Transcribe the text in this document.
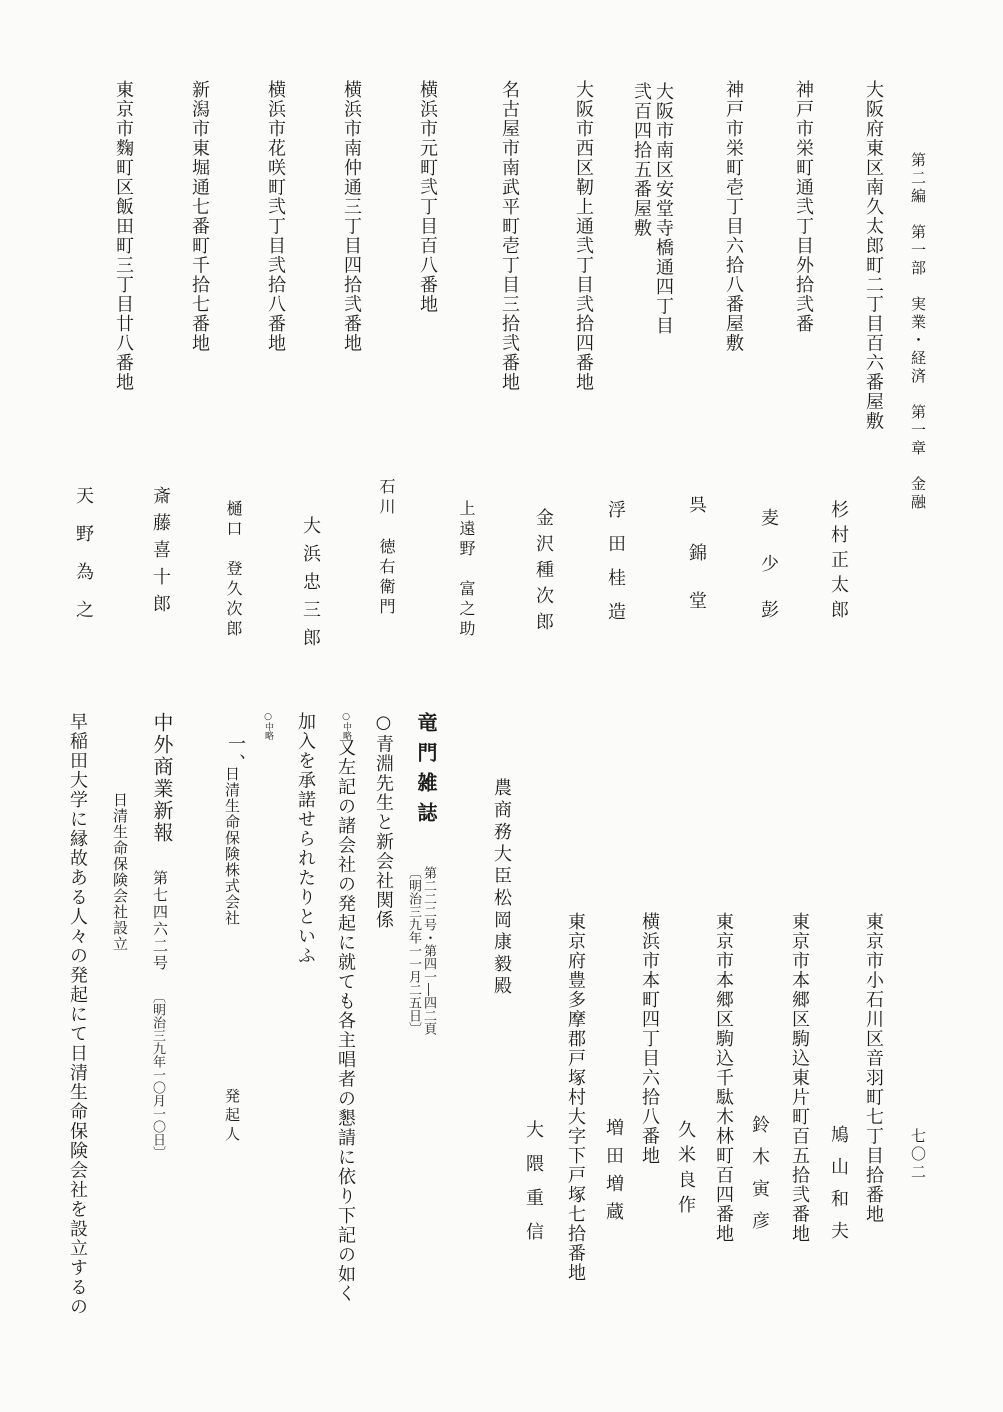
第二編　第一部　実業・経済　第一章　金融
七〇二
大阪府東区南久太郎町二丁目百六番屋敷
杉村正太郎
神戸市栄町通弐丁目外拾弐番
麦少彭
神戸市栄町壱丁目六拾八番屋敷
呉錦堂
大阪市南区安堂寺橋通四丁目
弐百四拾五番屋敷
浮田桂造
大阪市西区靭上通弐丁目弐拾四番地
金沢種次郎
名古屋市南武平町壱丁目三拾弐番地
上遠野　富之助
横浜市元町弐丁目百八番地
石川　徳右衛門
横浜市南仲通三丁目四拾弐番地
大浜忠三郎
横浜市花咲町弐丁目弐拾八番地
樋口　登久次郎
新潟市東堀通七番町千拾七番地
斎藤喜十郎
東京市麴町区飯田町三丁目廿八番地
天野為之
東京市小石川区音羽町七丁目拾番地
鳩山和夫
東京市本郷区駒込東片町百五拾弐番地
鈴木寅彦
東京市本郷区駒込千駄木林町百四番地
久米良作
横浜市本町四丁目六拾八番地
増田増蔵
東京府豊多摩郡戸塚村大字下戸塚七拾番地
大隈重信
農商務大臣松岡康毅殿
竜門雑誌
第二二二号・第四一―四二頁
〔明治三九年一一月二五日〕
○青淵先生と新会社関係
○中略
又左記の諸会社の発起に就ても各主唱者の懇請に依り下記の如く
加入を承諾せられたりといふ
○中略
一、
日清生命保険株式会社
発起人
中外商業新報
第七四六二号
〔明治三九年一〇月一〇日〕
日清生命保険会社設立
早稲田大学に縁故ある人々の発起にて日清生命保険会社を設立するの
